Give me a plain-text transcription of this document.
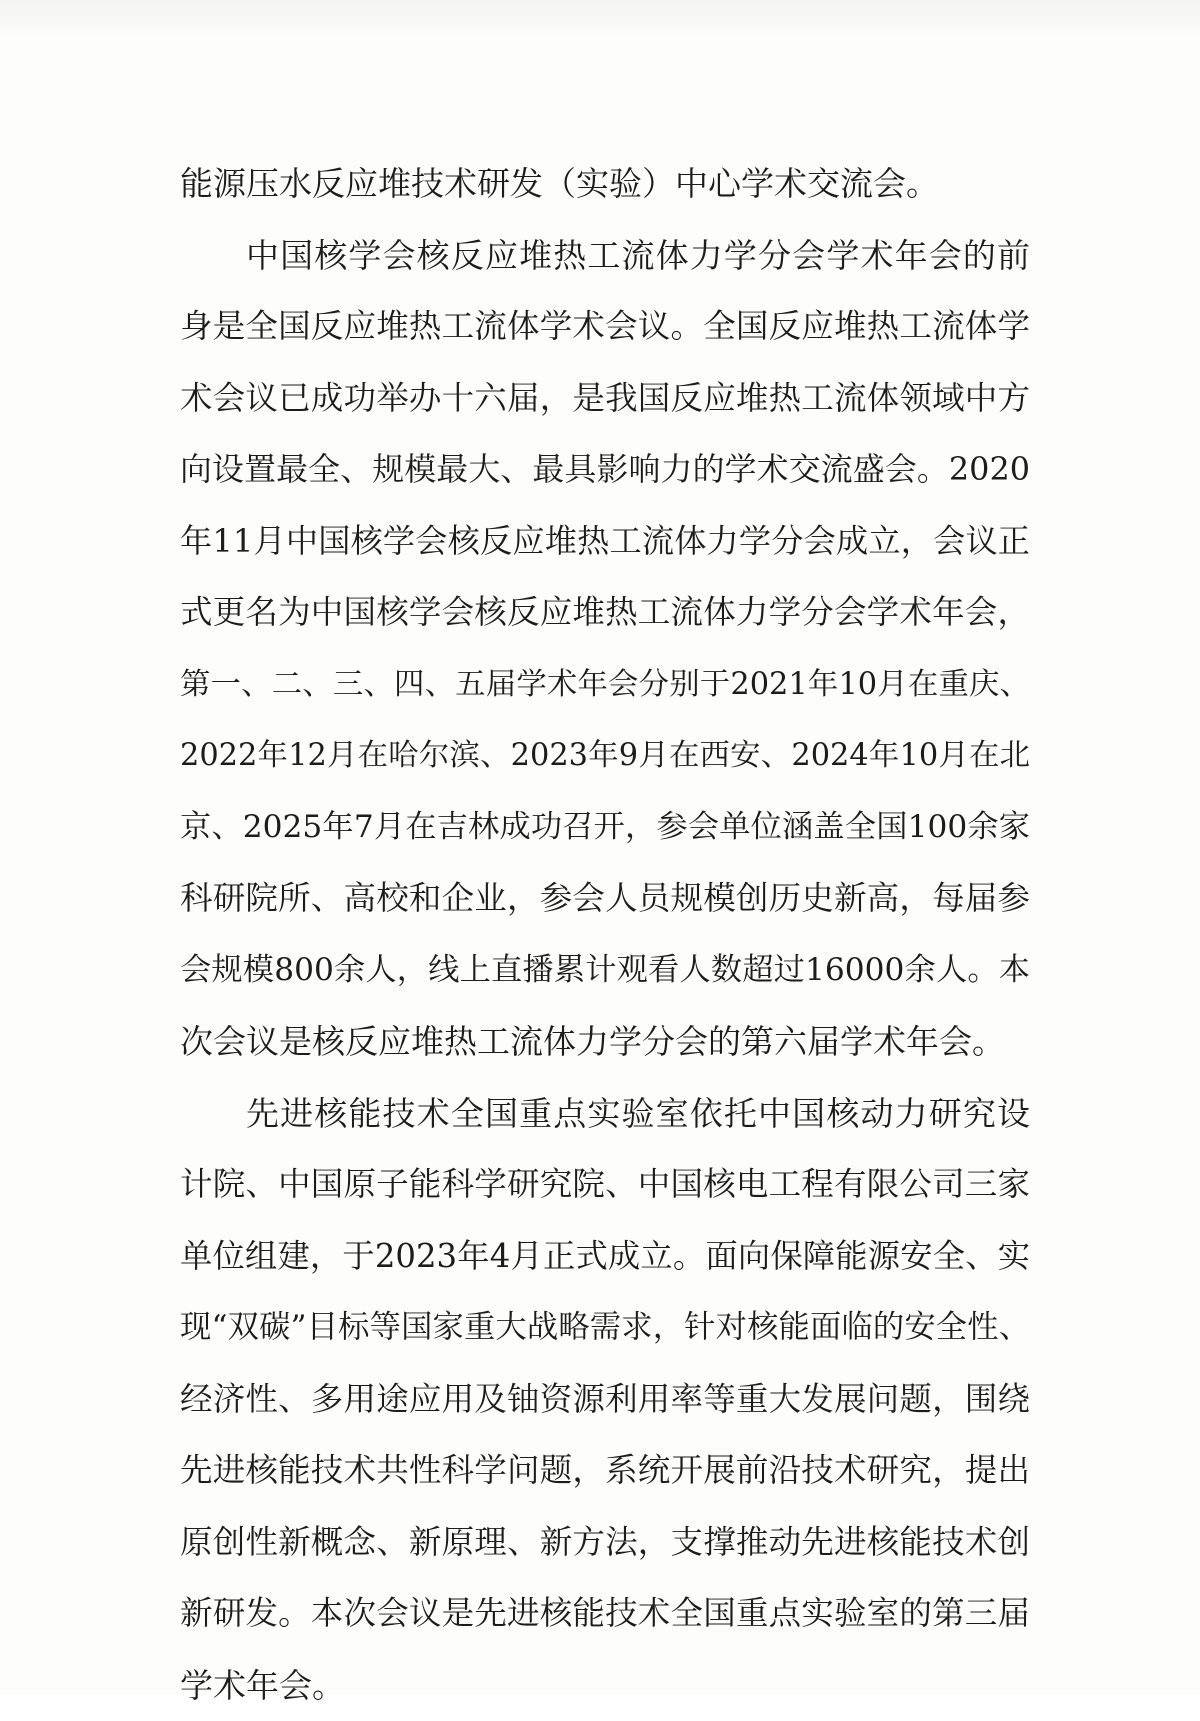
能源压水反应堆技术研发（实验）中心学术交流会。
中国核学会核反应堆热工流体力学分会学术年会的前
身是全国反应堆热工流体学术会议。全国反应堆热工流体学
术会议已成功举办十六届，是我国反应堆热工流体领域中方
向设置最全、规模最大、最具影响力的学术交流盛会。2020
年11月中国核学会核反应堆热工流体力学分会成立，会议正
式更名为中国核学会核反应堆热工流体力学分会学术年会，
第一、二、三、四、五届学术年会分别于2021年10月在重庆、
2022年12月在哈尔滨、2023年9月在西安、2024年10月在北
京、2025年7月在吉林成功召开，参会单位涵盖全国100余家
科研院所、高校和企业，参会人员规模创历史新高，每届参
会规模800余人，线上直播累计观看人数超过16000余人。本
次会议是核反应堆热工流体力学分会的第六届学术年会。
先进核能技术全国重点实验室依托中国核动力研究设
计院、中国原子能科学研究院、中国核电工程有限公司三家
单位组建，于2023年4月正式成立。面向保障能源安全、实
现“双碳”目标等国家重大战略需求，针对核能面临的安全性、
经济性、多用途应用及铀资源利用率等重大发展问题，围绕
先进核能技术共性科学问题，系统开展前沿技术研究，提出
原创性新概念、新原理、新方法，支撑推动先进核能技术创
新研发。本次会议是先进核能技术全国重点实验室的第三届
学术年会。
